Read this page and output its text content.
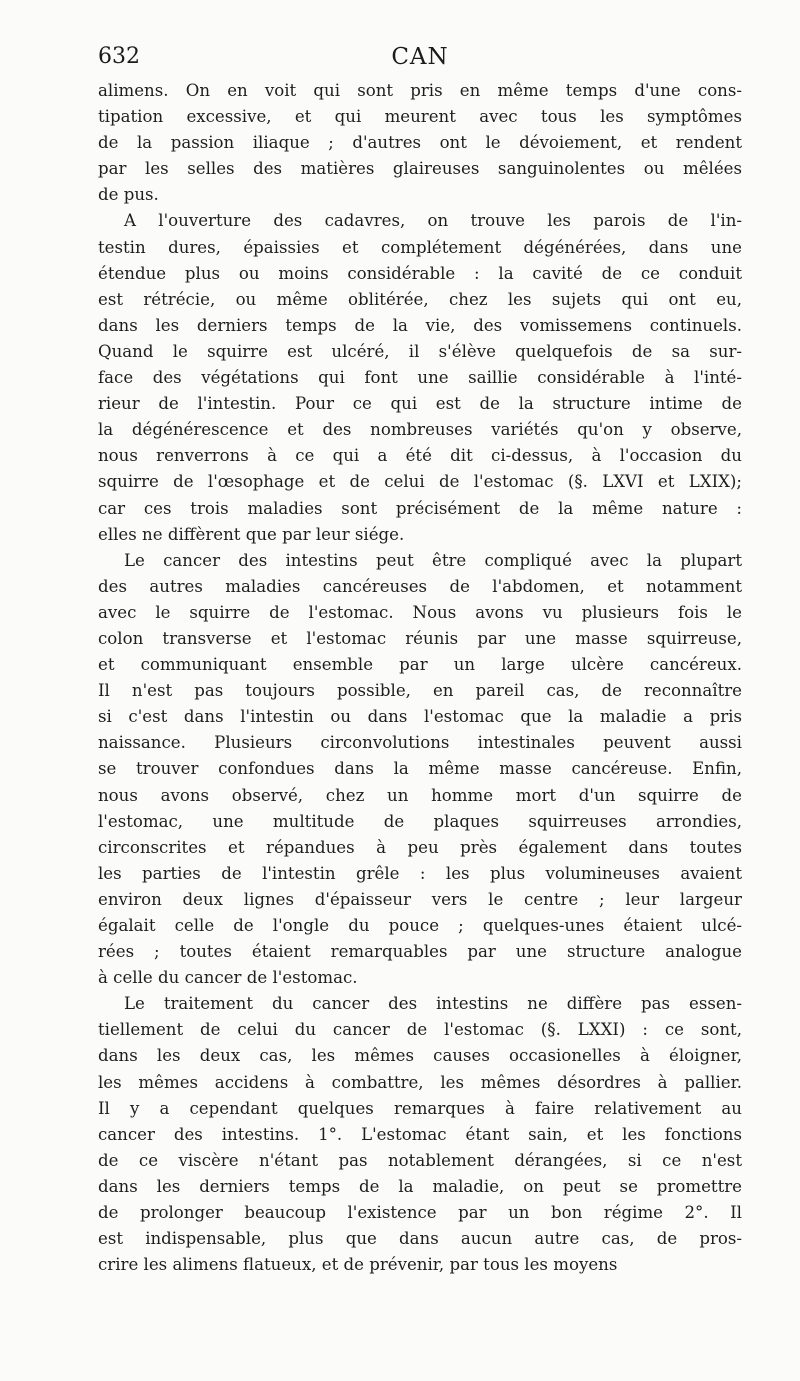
632	CAN
alimens. On en voit qui sont pris en même temps d'une cons-
tipation excessive, et qui meurent avec tous les symptômes
de la passion iliaque ; d'autres ont le dévoiement, et rendent
par les selles des matières glaireuses sanguinolentes ou mêlées
de pus.
A l'ouverture des cadavres, on trouve les parois de l'in-
testin dures, épaissies et complétement dégénérées, dans une
étendue plus ou moins considérable : la cavité de ce conduit
est rétrécie, ou même oblitérée, chez les sujets qui ont eu,
dans les derniers temps de la vie, des vomissemens continuels.
Quand le squirre est ulcéré, il s'élève quelquefois de sa sur-
face des végétations qui font une saillie considérable à l'inté-
rieur de l'intestin. Pour ce qui est de la structure intime de
la dégénérescence et des nombreuses variétés qu'on y observe,
nous renverrons à ce qui a été dit ci-dessus, à l'occasion du
squirre de l'œsophage et de celui de l'estomac (§. LXVI et LXIX);
car ces trois maladies sont précisément de la même nature :
elles ne diffèrent que par leur siége.
Le cancer des intestins peut être compliqué avec la plupart
des autres maladies cancéreuses de l'abdomen, et notamment
avec le squirre de l'estomac. Nous avons vu plusieurs fois le
colon transverse et l'estomac réunis par une masse squirreuse,
et communiquant ensemble par un large ulcère cancéreux.
Il n'est pas toujours possible, en pareil cas, de reconnaître
si c'est dans l'intestin ou dans l'estomac que la maladie a pris
naissance. Plusieurs circonvolutions intestinales peuvent aussi
se trouver confondues dans la même masse cancéreuse. Enfin,
nous avons observé, chez un homme mort d'un squirre de
l'estomac, une multitude de plaques squirreuses arrondies,
circonscrites et répandues à peu près également dans toutes
les parties de l'intestin grêle : les plus volumineuses avaient
environ deux lignes d'épaisseur vers le centre ; leur largeur
égalait celle de l'ongle du pouce ; quelques-unes étaient ulcé-
rées ; toutes étaient remarquables par une structure analogue
à celle du cancer de l'estomac.
Le traitement du cancer des intestins ne diffère pas essen-
tiellement de celui du cancer de l'estomac (§. LXXI) : ce sont,
dans les deux cas, les mêmes causes occasionelles à éloigner,
les mêmes accidens à combattre, les mêmes désordres à pallier.
Il y a cependant quelques remarques à faire relativement au
cancer des intestins. 1°. L'estomac étant sain, et les fonctions
de ce viscère n'étant pas notablement dérangées, si ce n'est
dans les derniers temps de la maladie, on peut se promettre
de prolonger beaucoup l'existence par un bon régime 2°. Il
est indispensable, plus que dans aucun autre cas, de pros-
crire les alimens flatueux, et de prévenir, par tous les moyens
